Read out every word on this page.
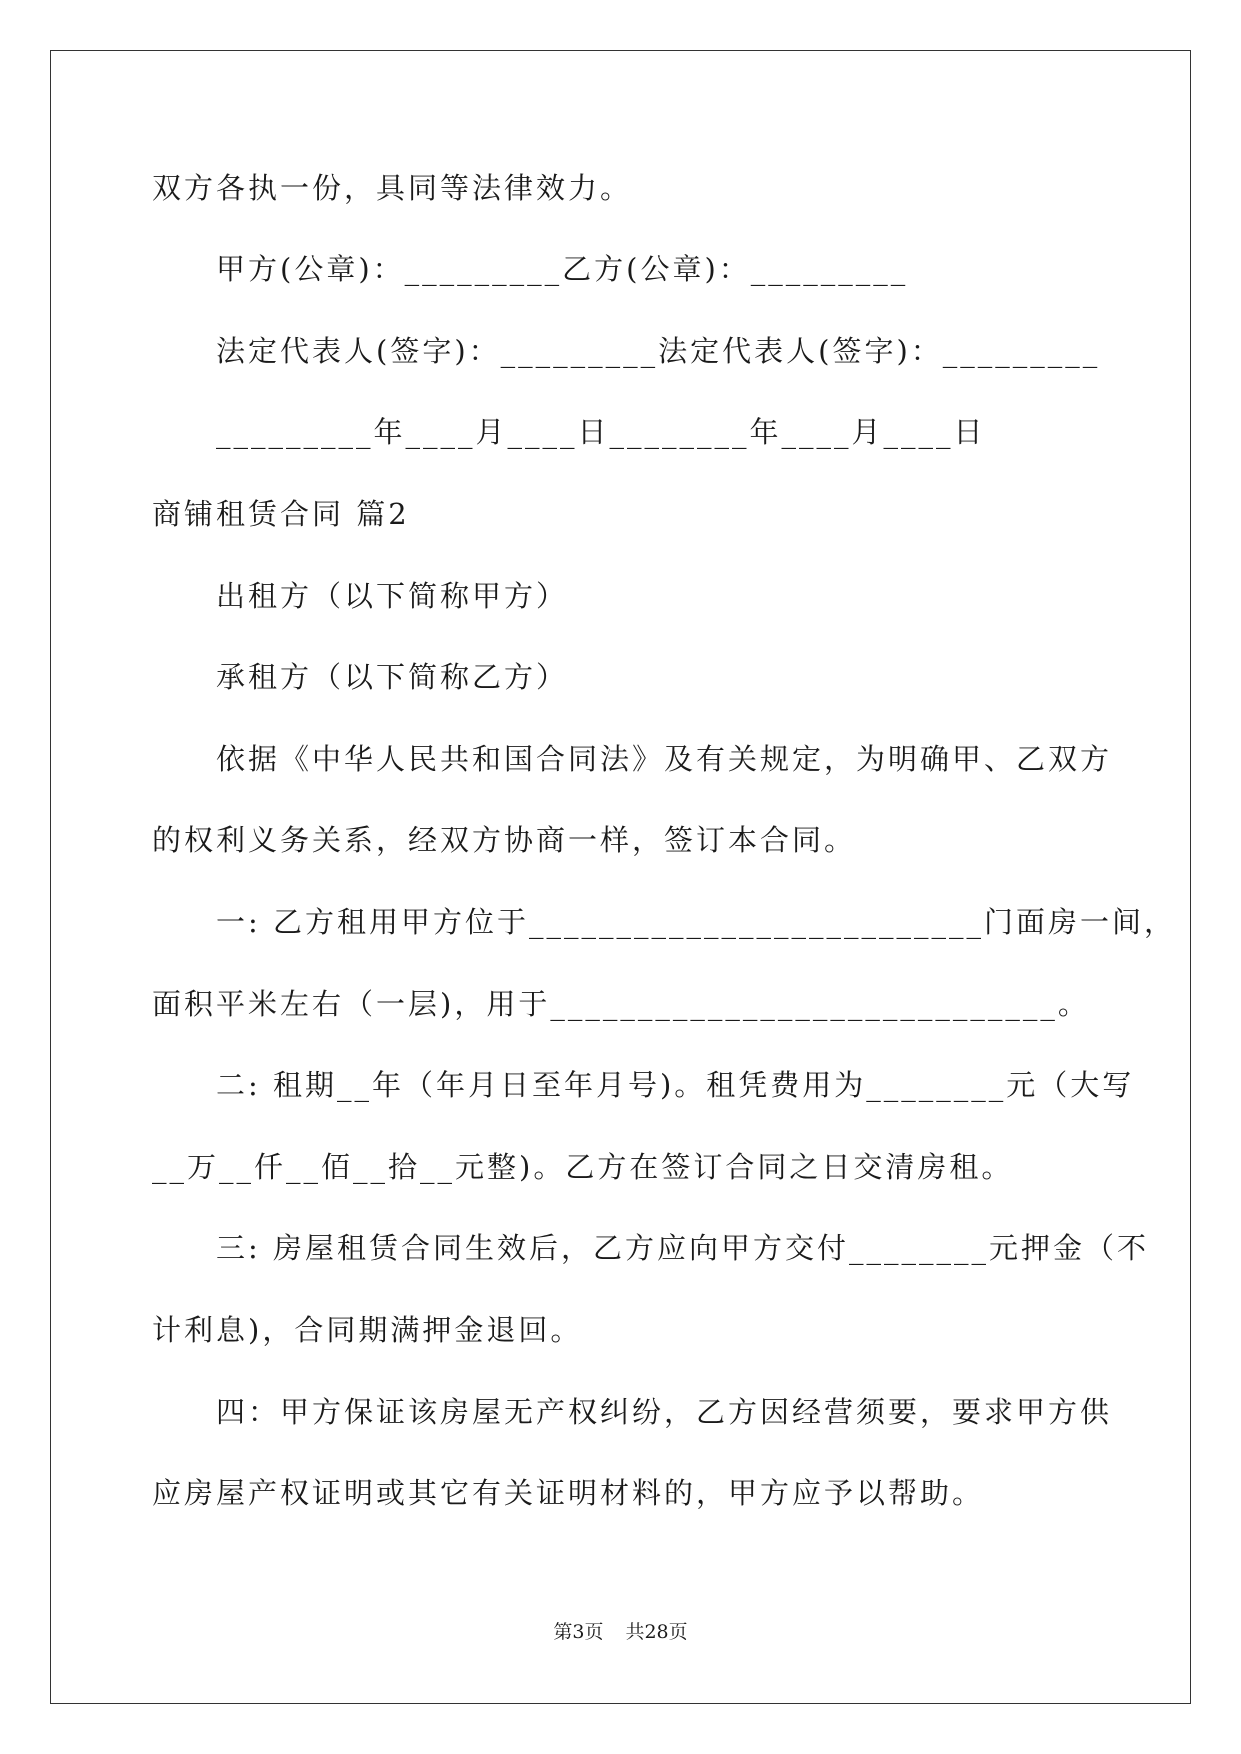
双方各执一份，具同等法律效力。
甲方(公章)：_________乙方(公章)：_________
法定代表人(签字)：_________法定代表人(签字)：_________
_________年____月____日________年____月____日
商铺租赁合同 篇2
出租方（以下简称甲方）
承租方（以下简称乙方）
依据《中华人民共和国合同法》及有关规定，为明确甲、乙双方
的权利义务关系，经双方协商一样，签订本合同。
一: 乙方租用甲方位于__________________________门面房一间，
面积平米左右（一层)，用于_____________________________。
二: 租期__年（年月日至年月号)。租凭费用为________元（大写
__万__仟__佰__拾__元整)。乙方在签订合同之日交清房租。
三: 房屋租赁合同生效后，乙方应向甲方交付________元押金（不
计利息)，合同期满押金退回。
四：甲方保证该房屋无产权纠纷，乙方因经营须要，要求甲方供
应房屋产权证明或其它有关证明材料的，甲方应予以帮助。
第3页 共28页
